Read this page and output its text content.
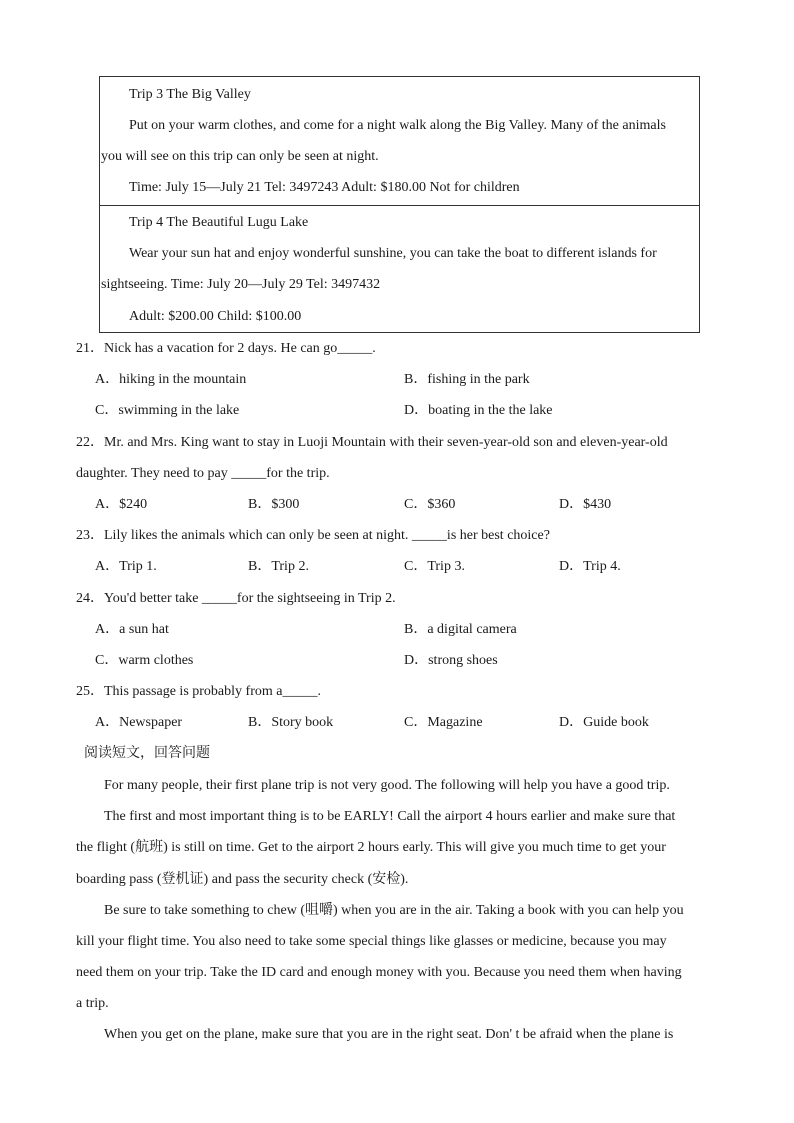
Trip 3 The Big Valley
Put on your warm clothes, and come for a night walk along the Big Valley. Many of the animals
you will see on this trip can only be seen at night.
Time: July 15—July 21 Tel: 3497243 Adult: $180.00 Not for children
Trip 4 The Beautiful Lugu Lake
Wear your sun hat and enjoy wonderful sunshine, you can take the boat to different islands for
sightseeing. Time: July 20—July 29 Tel: 3497432
Adult: $200.00 Child: $100.00
21．Nick has a vacation for 2 days. He can go_____.
A．hiking in the mountain	B．fishing in the park
C．swimming in the lake	D．boating in the the lake
22．Mr. and Mrs. King want to stay in Luoji Mountain with their seven-year-old son and eleven-year-old
daughter. They need to pay _____for the trip.
A．$240	B．$300	C．$360	D．$430
23．Lily likes the animals which can only be seen at night. _____is her best choice?
A．Trip 1.	B．Trip 2.	C．Trip 3.	D．Trip 4.
24．You'd better take _____for the sightseeing in Trip 2.
A．a sun hat	B．a digital camera
C．warm clothes	D．strong shoes
25．This passage is probably from a_____.
A．Newspaper	B．Story book	C．Magazine	D．Guide book
阅读短文，回答问题
For many people, their first plane trip is not very good. The following will help you have a good trip.
The first and most important thing is to be EARLY! Call the airport 4 hours earlier and make sure that
the flight (航班) is still on time. Get to the airport 2 hours early. This will give you much time to get your
boarding pass (登机证) and pass the security check (安检).
Be sure to take something to chew (咀嚼) when you are in the air. Taking a book with you can help you
kill your flight time. You also need to take some special things like glasses or medicine, because you may
need them on your trip. Take the ID card and enough money with you. Because you need them when having
a trip.
When you get on the plane, make sure that you are in the right seat. Don' t be afraid when the plane is
